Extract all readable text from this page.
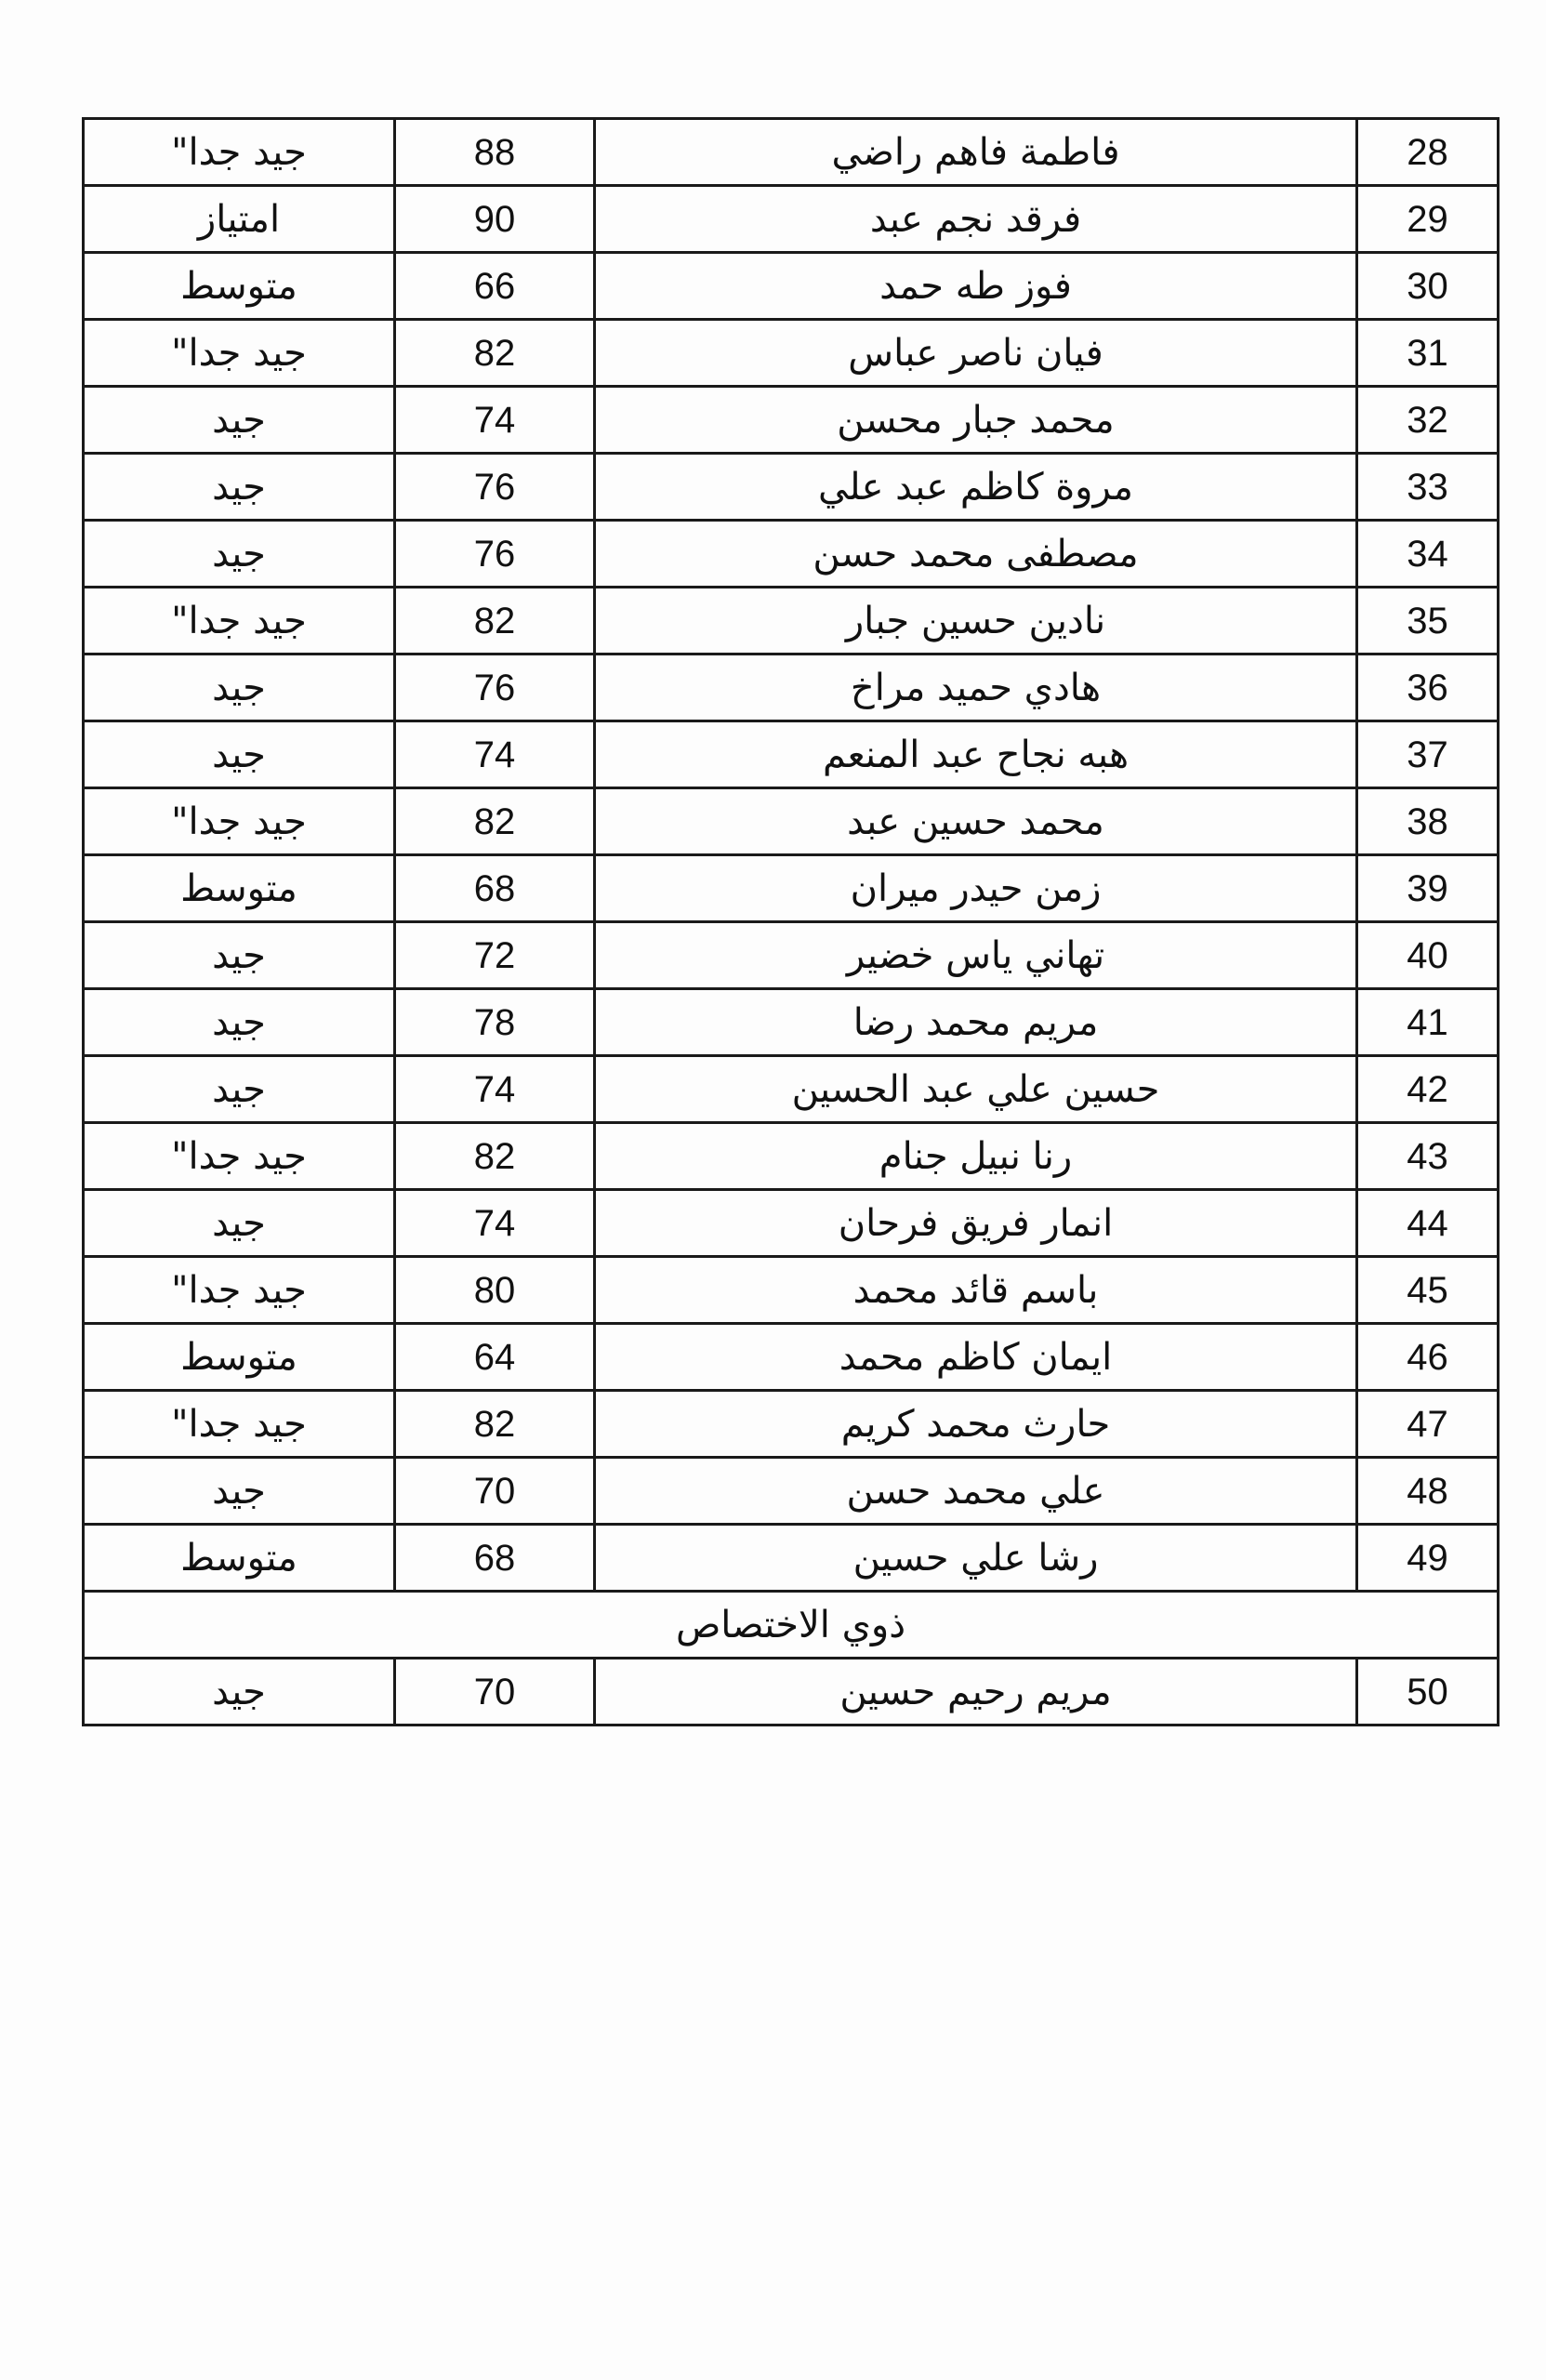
28	فاطمة فاهم راضي	88	جيد جدا"
29	فرقد نجم عبد	90	امتياز
30	فوز طه حمد	66	متوسط
31	فيان ناصر عباس	82	جيد جدا"
32	محمد جبار محسن	74	جيد
33	مروة كاظم عبد علي	76	جيد
34	مصطفى محمد حسن	76	جيد
35	نادين حسين جبار	82	جيد جدا"
36	هادي حميد مراخ	76	جيد
37	هبه نجاح عبد المنعم	74	جيد
38	محمد حسين عبد	82	جيد جدا"
39	زمن حيدر ميران	68	متوسط
40	تهاني ياس خضير	72	جيد
41	مريم محمد رضا	78	جيد
42	حسين علي عبد الحسين	74	جيد
43	رنا نبيل جنام	82	جيد جدا"
44	انمار فريق فرحان	74	جيد
45	باسم قائد محمد	80	جيد جدا"
46	ايمان كاظم محمد	64	متوسط
47	حارث محمد كريم	82	جيد جدا"
48	علي محمد حسن	70	جيد
49	رشا علي حسين	68	متوسط
ذوي الاختصاص			
50	مريم رحيم حسين	70	جيد
